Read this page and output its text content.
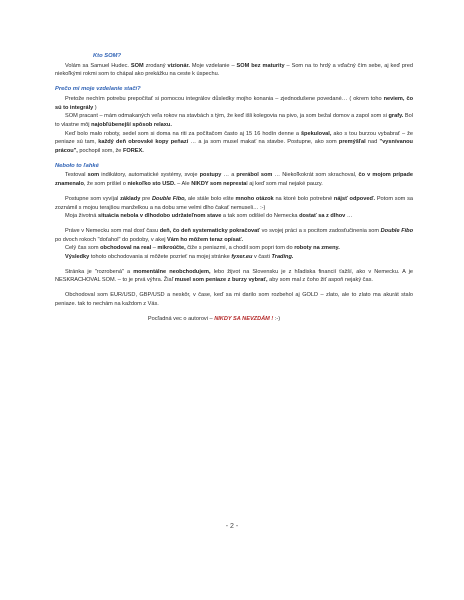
Kto SOM?

Volám sa Samuel Hudec. SOM zrodaný vizionár. Moje vzdelanie – SOM bez maturity – Som na to hrdý a vďačný čím sebe, aj keď pred niekoľkými rokmi som to chápal ako prekážku na ceste k úspechu.

Prečo mi moje vzdelanie stačí?

Pretože nechím potrebu prepočítať si pomocou integrálov důsledky mojho konania – zjednodušene povedané… ( okrem toho neviem, čo sú to integrály )

SOM pracant – mám odmakaných veľa rokov na stavbách s tým, že keď išli kolegovia na pivo, ja som bežal domov a zapol som si grafy. Bol to vlastne môj najobľúbenejší spôsob relaxu.

Keď bolo mało roboty, sedel som si doma na riti za počítačom často aj 15 16 hodín denne a špekuloval, ako s tou burzou vybabrať – že peniaze sú tam, každý deň obrovské kopy peňazí … a ja som musel makať na stavbe. Postupne, ako som premýšľal nad "vysnívanou prácou", pochopil som, že FOREX.

Neboło to ľahké

Testoval som indikátory, automatické systémy, svoje postupy … a prerábol som … Niekoľkokrát som skrachoval, čo v mojom prípade znamenalo, že som prišiel o niekoľko sto USD. – Ale NIKDY som neprestal aj keď som mal nejaké pauzy.

Postupne som vyvíjal základy pre Double Fibo, ale stále bolo ešte mnoho otázok na ktoré bolo potrebné nájsť odpoveď. Potom som sa zoznámil s mojou terajšou manželkou a na dobu sme velmi dlho čakať nemuseli… :-)

Moja životná situácia nebola v dlhodobo udržateľnom stave a tak som odišiel do Nemecka dostať sa z dlhov …

Práve v Nemecku som mal dosť času deň, čo deň systematicky pokračovať vo svojej práci a s pocitom zadosťučinenia som Double Fibo po dvoch rokoch "doťahol" do podoby, v akej Vám ho môžem teraz opísať.

Celý čas som obchodoval na real – mikroúčte, čiže s peniazmi, a chodil som popri tom do roboty na zmeny.

Výsledky tohoto obchodovania si môžete pozrieť na mojej stránke fyxer.eu v časti Trading.

Stránka je "rozrobená" a momentálne neobchodujem, lebo žijvot na Slovensku je z hľadiska financií ťažší, ako v Nemecku. A je NESKRACHOVAL SOM. – to je prvá výhra. Žiaľ musel som peniaze z burzy vybrať, aby som mal z čoho žiť aspoň nejaký čas.

Obchodoval som EUR/USD, GBP/USD a neskôr, v čase, keď sa mi darilo som rozbehol aj GOLD – zlato, ale to zlato ma akurát stalo peniaze. tak to nechám na každom z Vás.

Pocľadná vec o autorovi – NIKDY SA NEVZDÁM ! :-)
- 2 -
